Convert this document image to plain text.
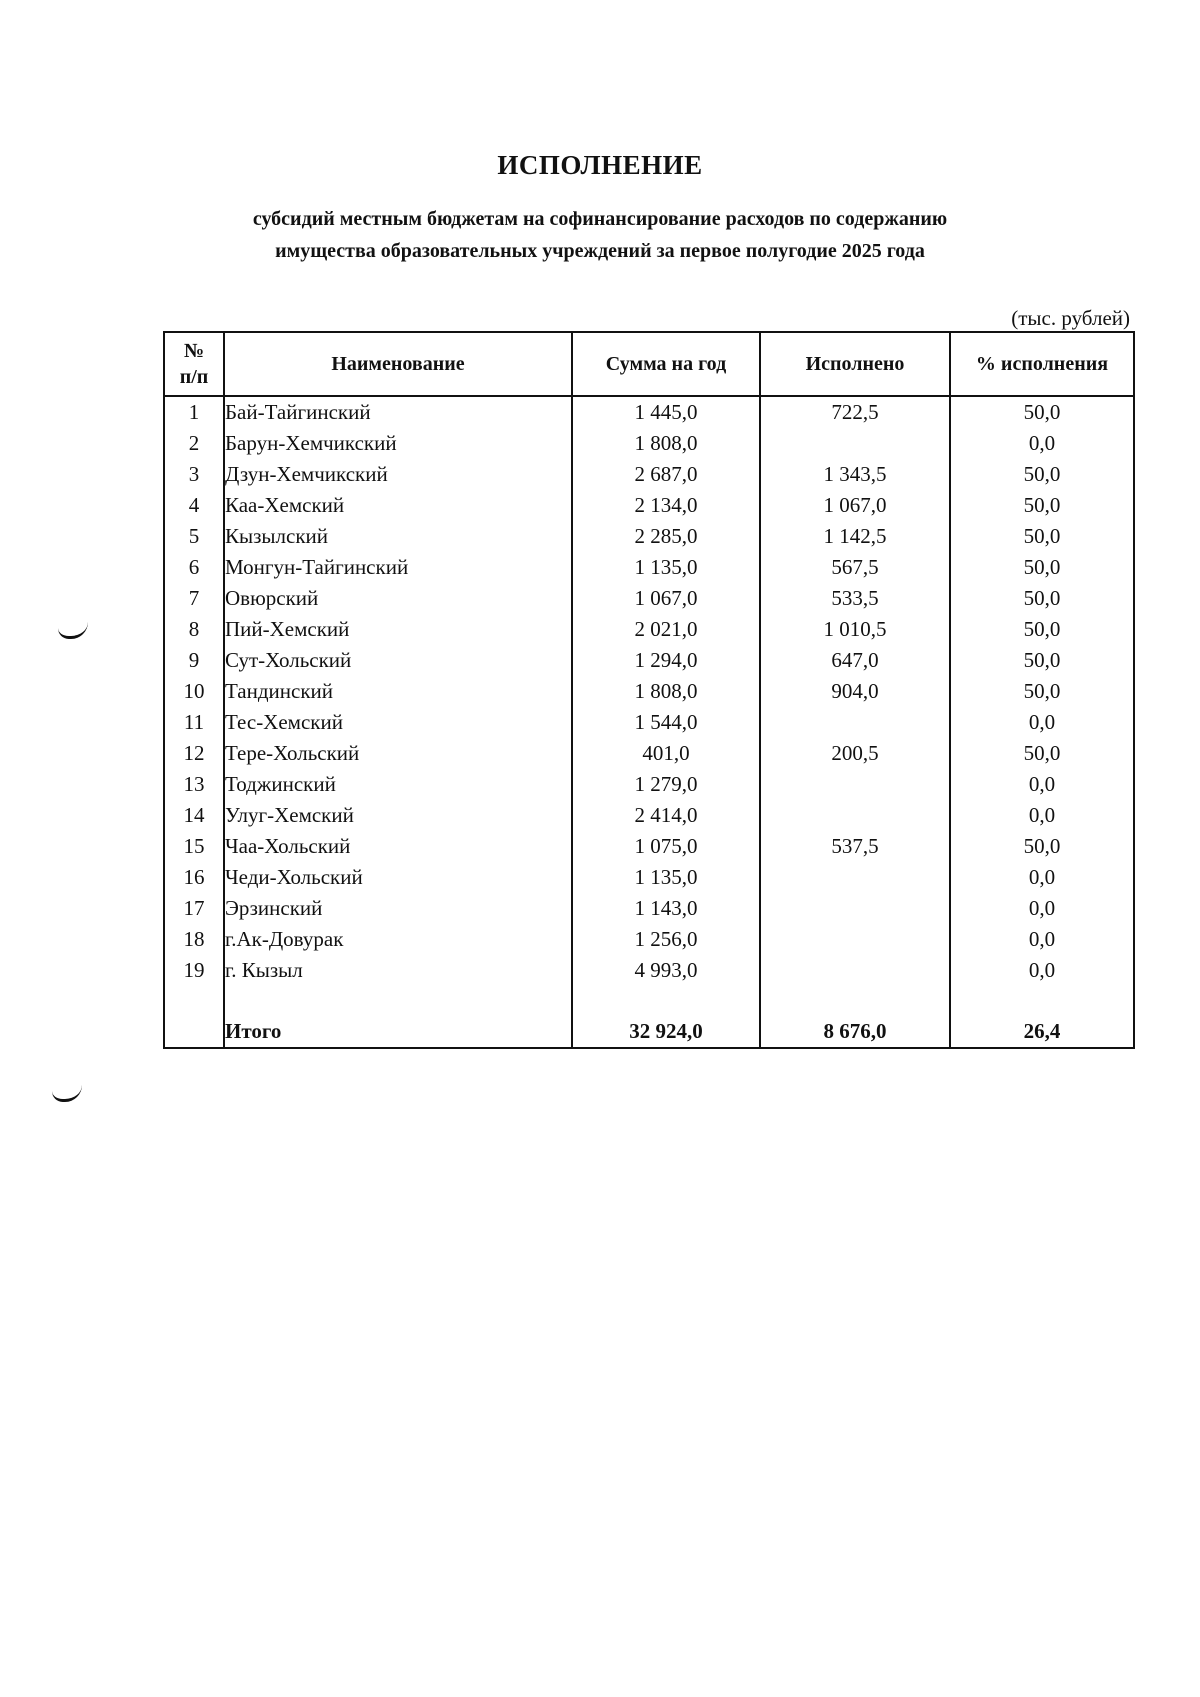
ИСПОЛНЕНИЕ
субсидий местным бюджетам на софинансирование расходов по содержанию
имущества образовательных учреждений за первое полугодие 2025 года
(тыс. рублей)
№
п/п	Наименование	Сумма на год	Исполнено	% исполнения
1	Бай-Тайгинский	1 445,0	722,5	50,0
2	Барун-Хемчикский	1 808,0		0,0
3	Дзун-Хемчикский	2 687,0	1 343,5	50,0
4	Каа-Хемский	2 134,0	1 067,0	50,0
5	Кызылский	2 285,0	1 142,5	50,0
6	Монгун-Тайгинский	1 135,0	567,5	50,0
7	Овюрский	1 067,0	533,5	50,0
8	Пий-Хемский	2 021,0	1 010,5	50,0
9	Сут-Хольский	1 294,0	647,0	50,0
10	Тандинский	1 808,0	904,0	50,0
11	Тес-Хемский	1 544,0		0,0
12	Тере-Хольский	401,0	200,5	50,0
13	Тоджинский	1 279,0		0,0
14	Улуг-Хемский	2 414,0		0,0
15	Чаа-Хольский	1 075,0	537,5	50,0
16	Чеди-Хольский	1 135,0		0,0
17	Эрзинский	1 143,0		0,0
18	г.Ак-Довурак	1 256,0		0,0
19	г. Кызыл	4 993,0		0,0

	Итого	32 924,0	8 676,0	26,4
